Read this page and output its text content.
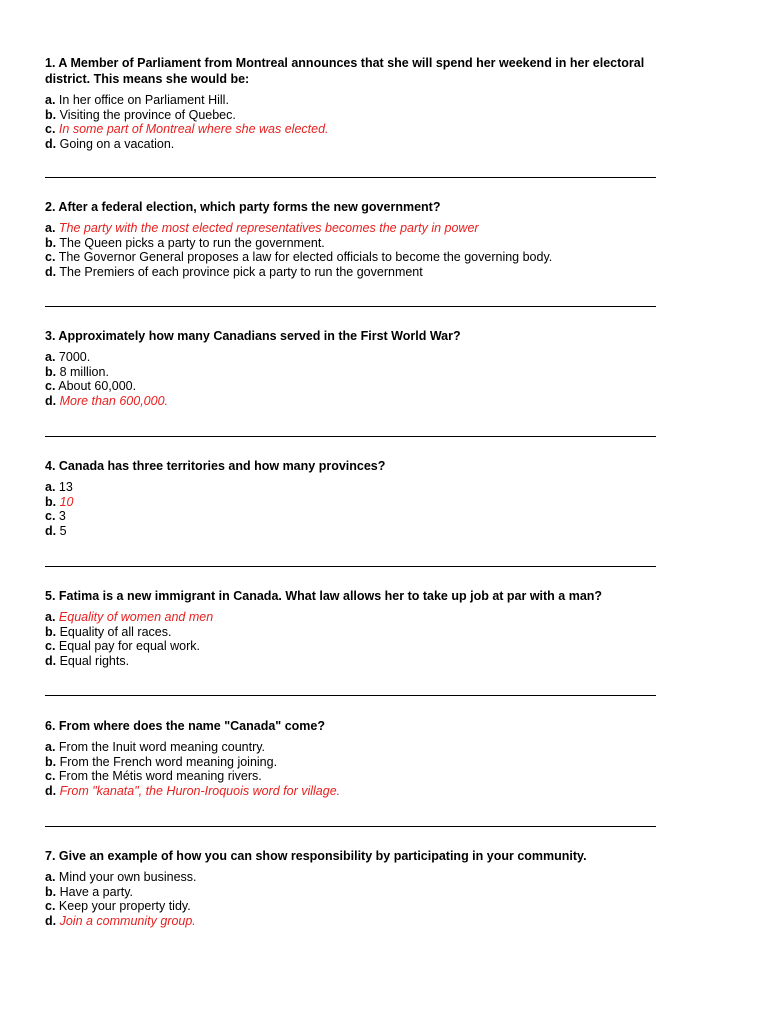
1. A Member of Parliament from Montreal announces that she will spend her weekend in her electoral district. This means she would be:

a. In her office on Parliament Hill.
b. Visiting the province of Quebec.
c. In some part of Montreal where she was elected.
d. Going on a vacation.

2. After a federal election, which party forms the new government?

a. The party with the most elected representatives becomes the party in power
b. The Queen picks a party to run the government.
c. The Governor General proposes a law for elected officials to become the governing body.
d. The Premiers of each province pick a party to run the government

3. Approximately how many Canadians served in the First World War?

a. 7000.
b. 8 million.
c. About 60,000.
d. More than 600,000.

4. Canada has three territories and how many provinces?

a. 13
b. 10
c. 3
d. 5

5. Fatima is a new immigrant in Canada. What law allows her to take up job at par with a man?

a. Equality of women and men
b. Equality of all races.
c. Equal pay for equal work.
d. Equal rights.

6. From where does the name "Canada" come?

a. From the Inuit word meaning country.
b. From the French word meaning joining.
c. From the Métis word meaning rivers.
d. From "kanata", the Huron-Iroquois word for village.

7. Give an example of how you can show responsibility by participating in your community.

a. Mind your own business.
b. Have a party.
c. Keep your property tidy.
d. Join a community group.
